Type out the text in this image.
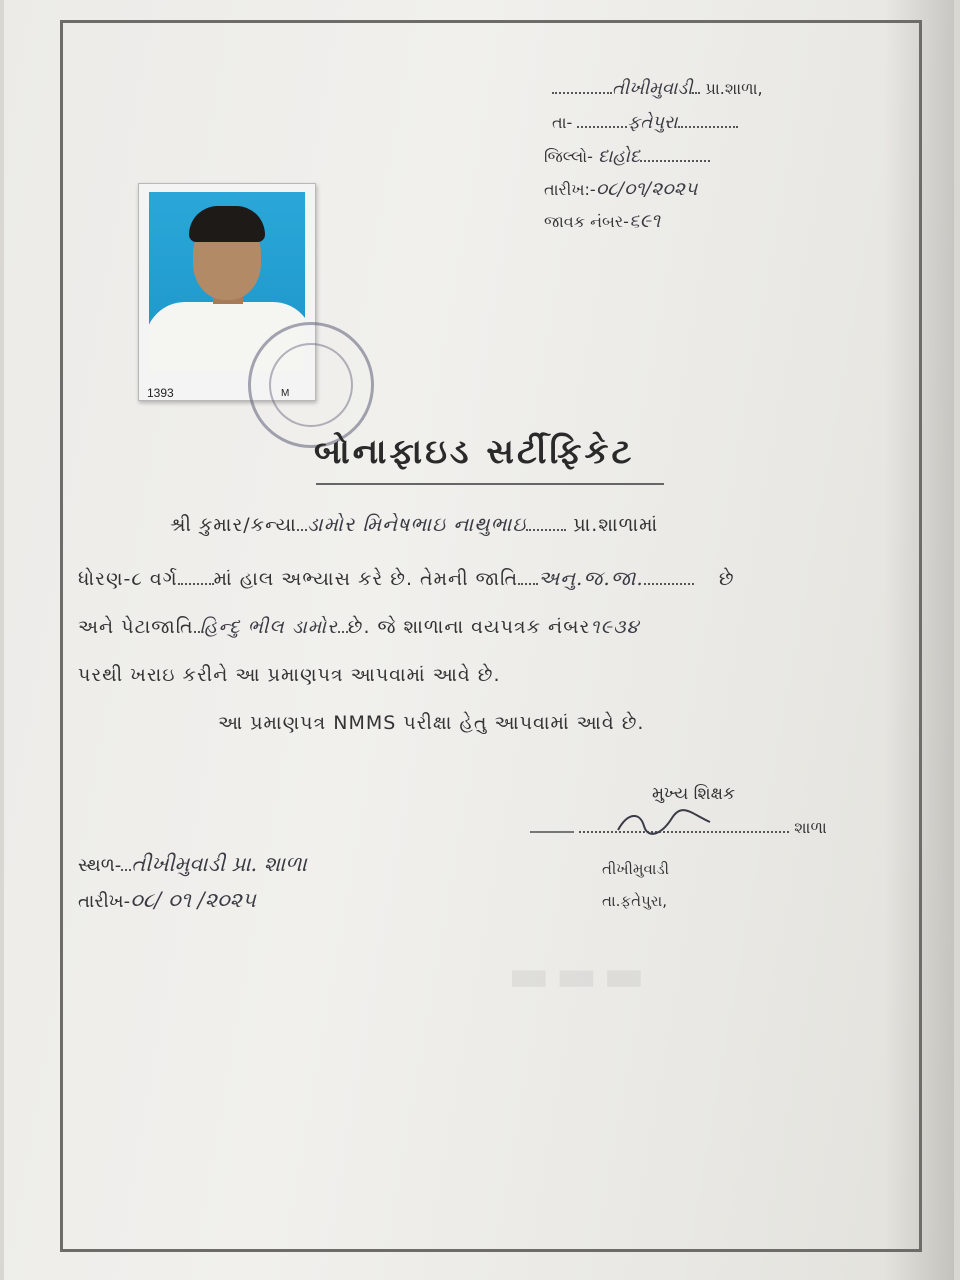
તીખીમુવાડી પ્રા.શાળા,
તા-	ફતેપુરા
જિલ્લો- દાહોદ
તારીખ:-૦૮/૦૧/૨૦૨૫
જાવક નંબર-૬૯૧
1393	M
બોનાફાઇડ સર્ટીફિકેટ
શ્રી કુમાર/કન્યા ડામોર મિનેષભાઇ નાથુભાઇ પ્રા.શાળામાં
ધોરણ-૮ વર્ગ માં હાલ અભ્યાસ કરે છે. તેમની જાતિ અનુ.જ.જા.	છે
અને પેટાજાતિ હિન્દુ ભીલ ડામોર છે. જે શાળાના વયપત્રક નંબર૧૯૩૪
પરથી ખરાઇ કરીને આ પ્રમાણપત્ર આપવામાં આવે છે.
આ પ્રમાણપત્ર NMMS પરીક્ષા હેતુ આપવામાં આવે છે.
મુખ્ય શિક્ષક
શાળા
તીખીમુવાડી
તા.ફતેપુરા,
સ્થળ- તીખીમુવાડી પ્રા. શાળા
તારીખ-૦૮/ ૦૧ /૨૦૨૫
▬▬▬
